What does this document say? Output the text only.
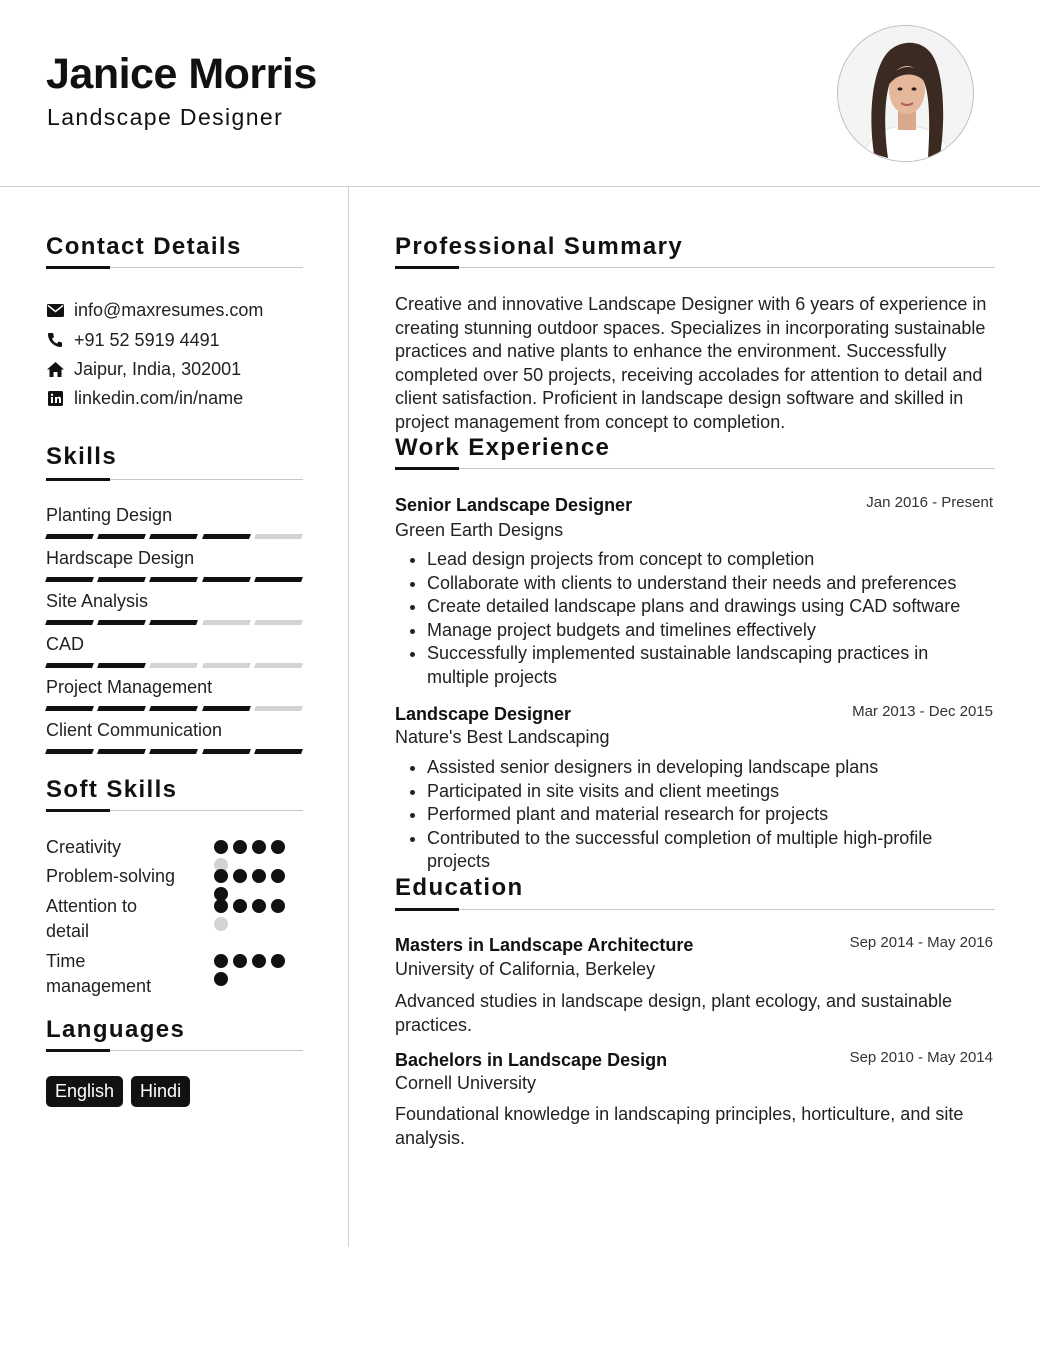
Janice Morris
Landscape Designer
Contact Details
info@maxresumes.com
+91 52 5919 4491
Jaipur, India, 302001
linkedin.com/in/name
Skills
Planting Design
Hardscape Design
Site Analysis
CAD
Project Management
Client Communication
Soft Skills
Creativity
Problem-solving
Attention to detail
Time management
Languages
English	Hindi
Professional Summary
Creative and innovative Landscape Designer with 6 years of experience in creating stunning outdoor spaces. Specializes in incorporating sustainable practices and native plants to enhance the environment. Successfully completed over 50 projects, receiving accolades for attention to detail and client satisfaction. Proficient in landscape design software and skilled in project management from concept to completion.
Work Experience
Senior Landscape Designer	Jan 2016 - Present
Green Earth Designs
Lead design projects from concept to completion
Collaborate with clients to understand their needs and preferences
Create detailed landscape plans and drawings using CAD software
Manage project budgets and timelines effectively
Successfully implemented sustainable landscaping practices in multiple projects
Landscape Designer	Mar 2013 - Dec 2015
Nature's Best Landscaping
Assisted senior designers in developing landscape plans
Participated in site visits and client meetings
Performed plant and material research for projects
Contributed to the successful completion of multiple high-profile projects
Education
Masters in Landscape Architecture	Sep 2014 - May 2016
University of California, Berkeley
Advanced studies in landscape design, plant ecology, and sustainable practices.
Bachelors in Landscape Design	Sep 2010 - May 2014
Cornell University
Foundational knowledge in landscaping principles, horticulture, and site analysis.
